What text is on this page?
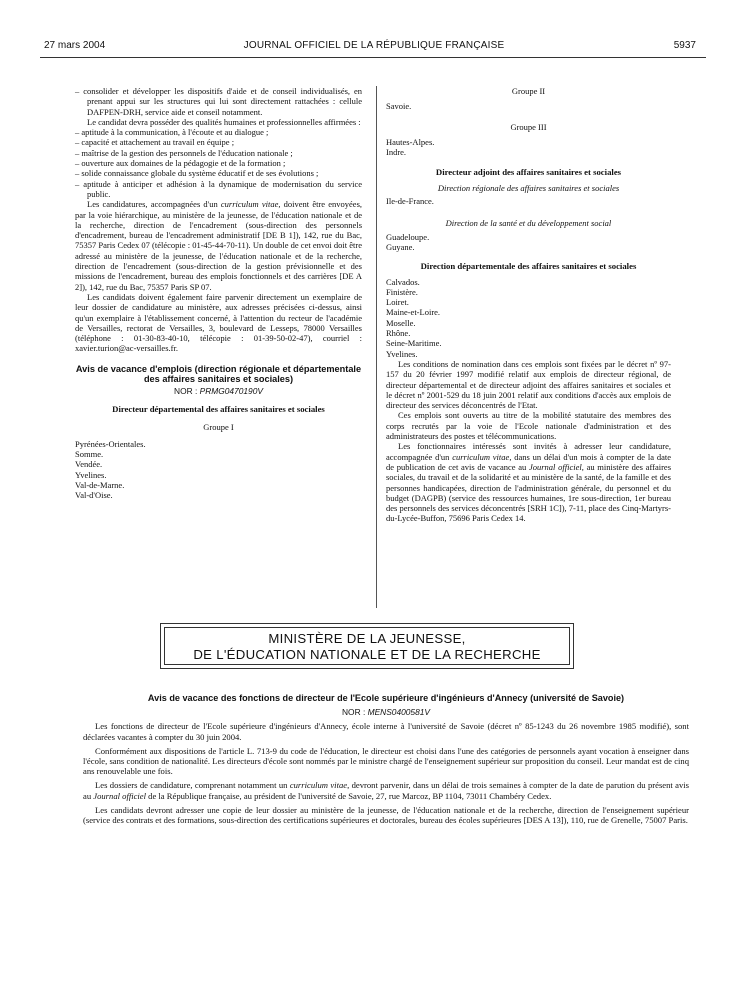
27 mars 2004	JOURNAL OFFICIEL DE LA RÉPUBLIQUE FRANÇAISE	5937

– consolider et développer les dispositifs d'aide et de conseil individualisés, en prenant appui sur les structures qui lui sont directement rattachées : cellule DAFPEN-DRH, service aide et conseil notamment.

Le candidat devra posséder des qualités humaines et professionnelles affirmées :

– aptitude à la communication, à l'écoute et au dialogue ;

– capacité et attachement au travail en équipe ;

– maîtrise de la gestion des personnels de l'éducation nationale ;

– ouverture aux domaines de la pédagogie et de la formation ;

– solide connaissance globale du système éducatif et de ses évolutions ;

– aptitude à anticiper et adhésion à la dynamique de modernisation du service public.

Les candidatures, accompagnées d'un curriculum vitae, doivent être envoyées, par la voie hiérarchique, au ministère de la jeunesse, de l'éducation nationale et de la recherche, direction de l'encadrement (sous-direction des personnels d'encadrement, bureau de l'encadrement administratif [DE B 1]), 142, rue du Bac, 75357 Paris Cedex 07 (télécopie : 01-45-44-70-11). Un double de cet envoi doit être adressé au ministère de la jeunesse, de l'éducation nationale et de la recherche, direction de l'encadrement (sous-direction de la gestion prévisionnelle et des missions de l'encadrement, bureau des emplois fonctionnels et des carrières [DE A 2]), 142, rue du Bac, 75357 Paris SP 07.

Les candidats doivent également faire parvenir directement un exemplaire de leur dossier de candidature au ministère, aux adresses précisées ci-dessus, ainsi qu'un exemplaire à l'établissement concerné, à l'attention du recteur de l'académie de Versailles, rectorat de Versailles, 3, boulevard de Lesseps, 78000 Versailles (téléphone : 01-30-83-40-10, télécopie : 01-39-50-02-47), courriel : xavier.turion@ac-versailles.fr.

Avis de vacance d'emplois (direction régionale et départementale des affaires sanitaires et sociales)
NOR : PRMG0470190V
Directeur départemental des affaires sanitaires et sociales
Groupe I

Pyrénées-Orientales.

Somme.

Vendée.

Yvelines.

Val-de-Marne.

Val-d'Oise.

Groupe II

Savoie.

Groupe III

Hautes-Alpes.

Indre.

Directeur adjoint des affaires sanitaires et sociales
Direction régionale des affaires sanitaires et sociales

Ile-de-France.

Direction de la santé et du développement social

Guadeloupe.

Guyane.

Direction départementale des affaires sanitaires et sociales

Calvados.

Finistère.

Loiret.

Maine-et-Loire.

Moselle.

Rhône.

Seine-Maritime.

Yvelines.

Les conditions de nomination dans ces emplois sont fixées par le décret nº 97-157 du 20 février 1997 modifié relatif aux emplois de directeur régional, de directeur départemental et de directeur adjoint des affaires sanitaires et sociales et le décret nº 2001-529 du 18 juin 2001 relatif aux conditions d'accès aux emplois de directeur des services déconcentrés de l'Etat.

Ces emplois sont ouverts au titre de la mobilité statutaire des membres des corps recrutés par la voie de l'Ecole nationale d'administration et des administrateurs des postes et télécommunications.

Les fonctionnaires intéressés sont invités à adresser leur candidature, accompagnée d'un curriculum vitae, dans un délai d'un mois à compter de la date de publication de cet avis de vacance au Journal officiel, au ministère des affaires sociales, du travail et de la solidarité et au ministère de la santé, de la famille et des personnes handicapées, direction de l'administration générale, du personnel et du budget (DAGPB) (service des ressources humaines, 1re sous-direction, 1er bureau des personnels des services déconcentrés [SRH 1C]), 7-11, place des Cinq-Martyrs-du-Lycée-Buffon, 75696 Paris Cedex 14.

MINISTÈRE DE LA JEUNESSE,
DE L'ÉDUCATION NATIONALE ET DE LA RECHERCHE

Avis de vacance des fonctions de directeur de l'Ecole supérieure d'ingénieurs d'Annecy (université de Savoie)

NOR : MENS0400581V

Les fonctions de directeur de l'Ecole supérieure d'ingénieurs d'Annecy, école interne à l'université de Savoie (décret nº 85-1243 du 26 novembre 1985 modifié), sont déclarées vacantes à compter du 30 juin 2004.

Conformément aux dispositions de l'article L. 713-9 du code de l'éducation, le directeur est choisi dans l'une des catégories de personnels ayant vocation à enseigner dans l'école, sans condition de nationalité. Les directeurs d'école sont nommés par le ministre chargé de l'enseignement supérieur sur proposition du conseil. Leur mandat est de cinq ans renouvelable une fois.

Les dossiers de candidature, comprenant notamment un curriculum vitae, devront parvenir, dans un délai de trois semaines à compter de la date de parution du présent avis au Journal officiel de la République française, au président de l'université de Savoie, 27, rue Marcoz, BP 1104, 73011 Chambéry Cedex.

Les candidats devront adresser une copie de leur dossier au ministère de la jeunesse, de l'éducation nationale et de la recherche, direction de l'enseignement supérieur (service des contrats et des formations, sous-direction des certifications supérieures et doctorales, bureau des écoles supérieures [DES A 13]), 110, rue de Grenelle, 75007 Paris.
